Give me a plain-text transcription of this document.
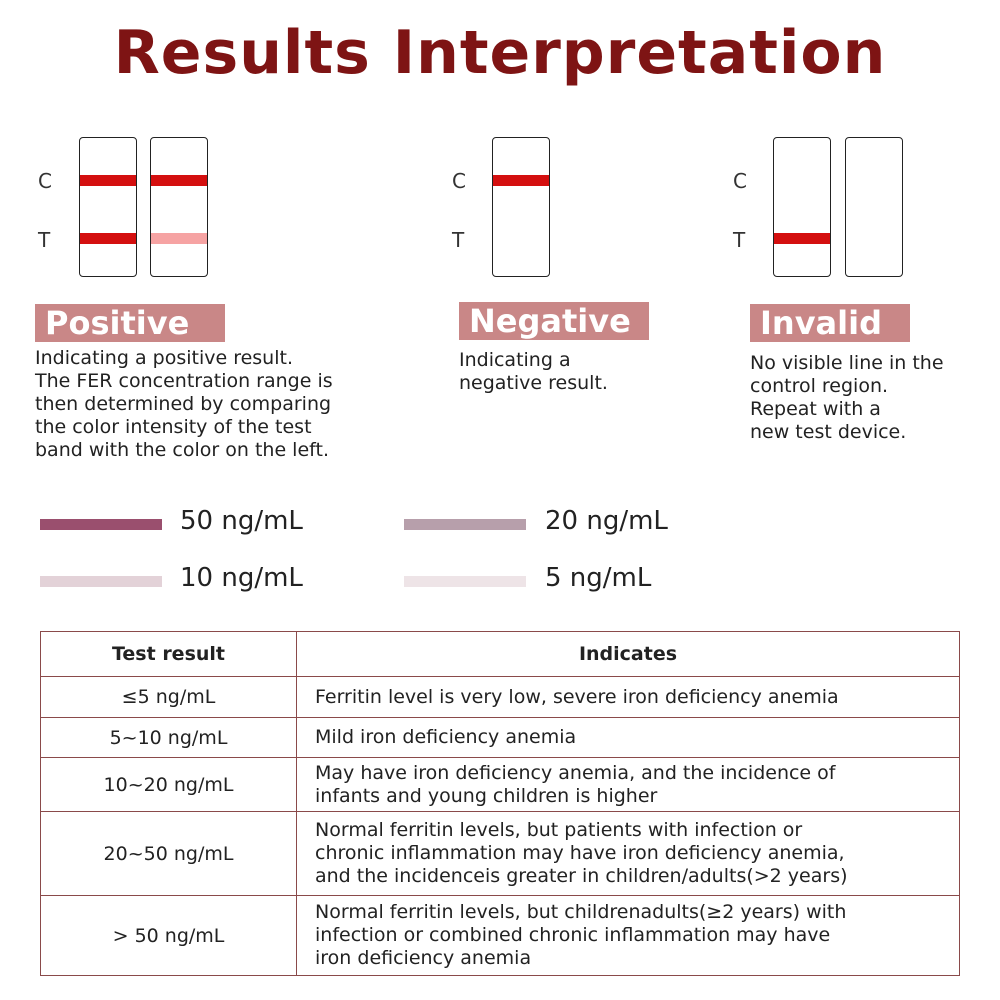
Results Interpretation
C
T
C
T
C
T
Positive	Negative	Invalid
Indicating a positive result.
The FER concentration range is
then determined by comparing
the color intensity of the test
band with the color on the left.
Indicating a
negative result.
No visible line in the
control region.
Repeat with a
new test device.
50 ng/mL	20 ng/mL
10 ng/mL	5 ng/mL
Test result	Indicates
≤5 ng/mL	Ferritin level is very low, severe iron deficiency anemia
5~10 ng/mL	Mild iron deficiency anemia
10~20 ng/mL	May have iron deficiency anemia, and the incidence of
infants and young children is higher
20~50 ng/mL	Normal ferritin levels, but patients with infection or
chronic inflammation may have iron deficiency anemia,
and the incidenceis greater in children/adults(>2 years)
> 50 ng/mL	Normal ferritin levels, but childrenadults(≥2 years) with
infection or combined chronic inflammation may have
iron deficiency anemia
